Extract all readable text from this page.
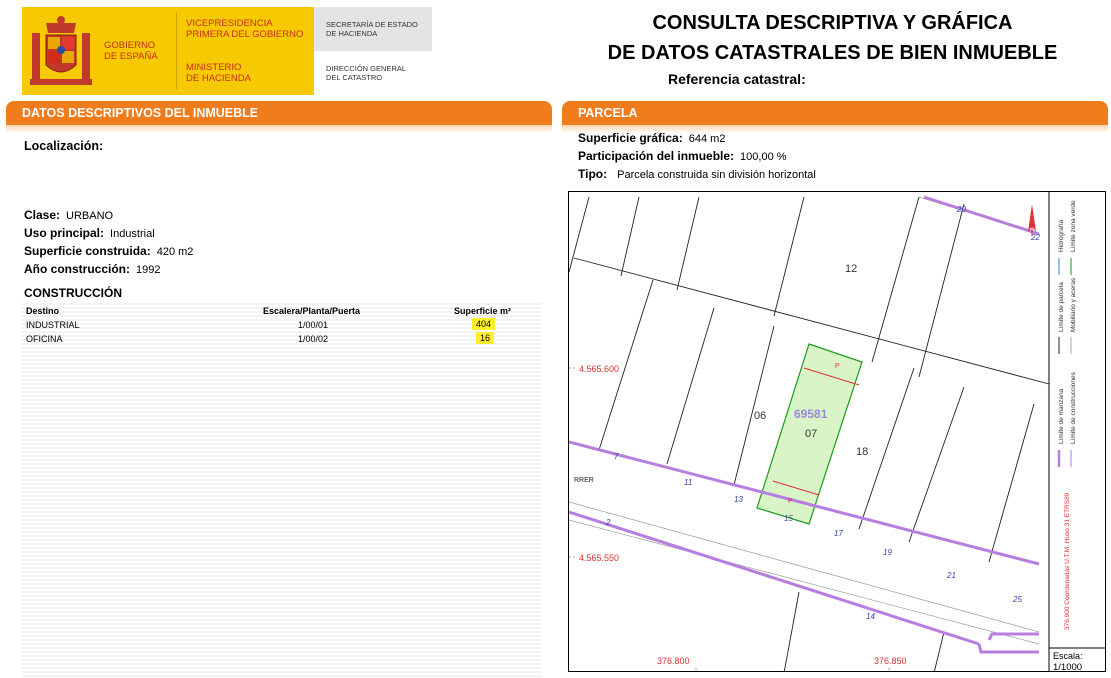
GOBIERNO
DE ESPAÑA
VICEPRESIDENCIA
PRIMERA DEL GOBIERNO
MINISTERIO
DE HACIENDA
SECRETARÍA DE ESTADO
DE HACIENDA
DIRECCIÓN GENERAL
DEL CATASTRO
CONSULTA DESCRIPTIVA Y GRÁFICA
DE DATOS CATASTRALES DE BIEN INMUEBLE
Referencia catastral:
DATOS DESCRIPTIVOS DEL INMUEBLE
Localización:
Clase: URBANO
Uso principal: Industrial
Superficie construida: 420 m2
Año construcción: 1992
CONSTRUCCIÓN
Destino	Escalera/Planta/Puerta	Superficie m²
INDUSTRIAL	1/00/01	404
OFICINA	1/00/02	16
PARCELA
Superficie gráfica: 644 m2
Participación del inmueble: 100,00 %
Tipo: Parcela construida sin división horizontal
12
06
07
18
69581
P
P
4.565.600
4.565.550
376.800	376.850
20
22
7
11
13
15
17
19
21
25
2
14
RRER
Límite de manzana
Límite de parcela
Límite de construcciones
Mobiliario y aceras
Límite zona verde
Hidrografía
376.900 Coordenadas U.T.M. Huso 31 ETRS89
Escala:
1/1000
